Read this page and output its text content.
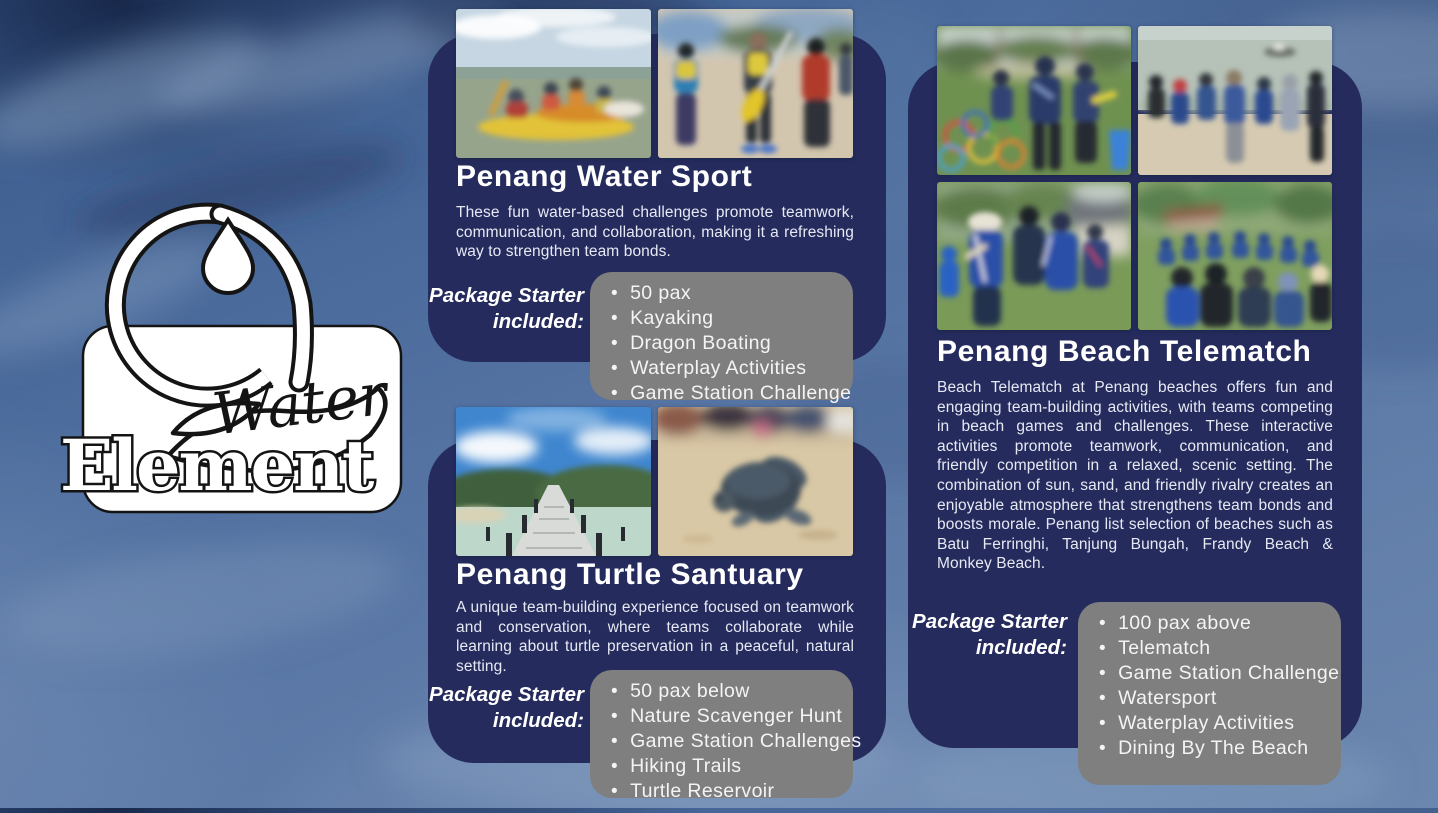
Water
Element
Penang Water Sport
These fun water-based challenges promote teamwork, communication, and collaboration, making it a refreshing way to strengthen team bonds.
Package Starter
included:
• 50 pax
• Kayaking
• Dragon Boating
• Waterplay Activities
• Game Station Challenge
Penang Turtle Santuary
A unique team-building experience focused on teamwork and conservation, where teams collaborate while learning about turtle preservation in a peaceful, natural setting.
Package Starter
included:
• 50 pax below
• Nature Scavenger Hunt
• Game Station Challenges
• Hiking Trails
• Turtle Reservoir
Penang Beach Telematch
Beach Telematch at Penang beaches offers fun and engaging team-building activities, with teams competing in beach games and challenges. These interactive activities promote teamwork, communication, and friendly competition in a relaxed, scenic setting. The combination of sun, sand, and friendly rivalry creates an enjoyable atmosphere that strengthens team bonds and boosts morale. Penang list selection of beaches such as Batu Ferringhi, Tanjung Bungah, Frandy Beach & Monkey Beach.
Package Starter
included:
• 100 pax above
• Telematch
• Game Station Challenge
• Watersport
• Waterplay Activities
• Dining By The Beach
